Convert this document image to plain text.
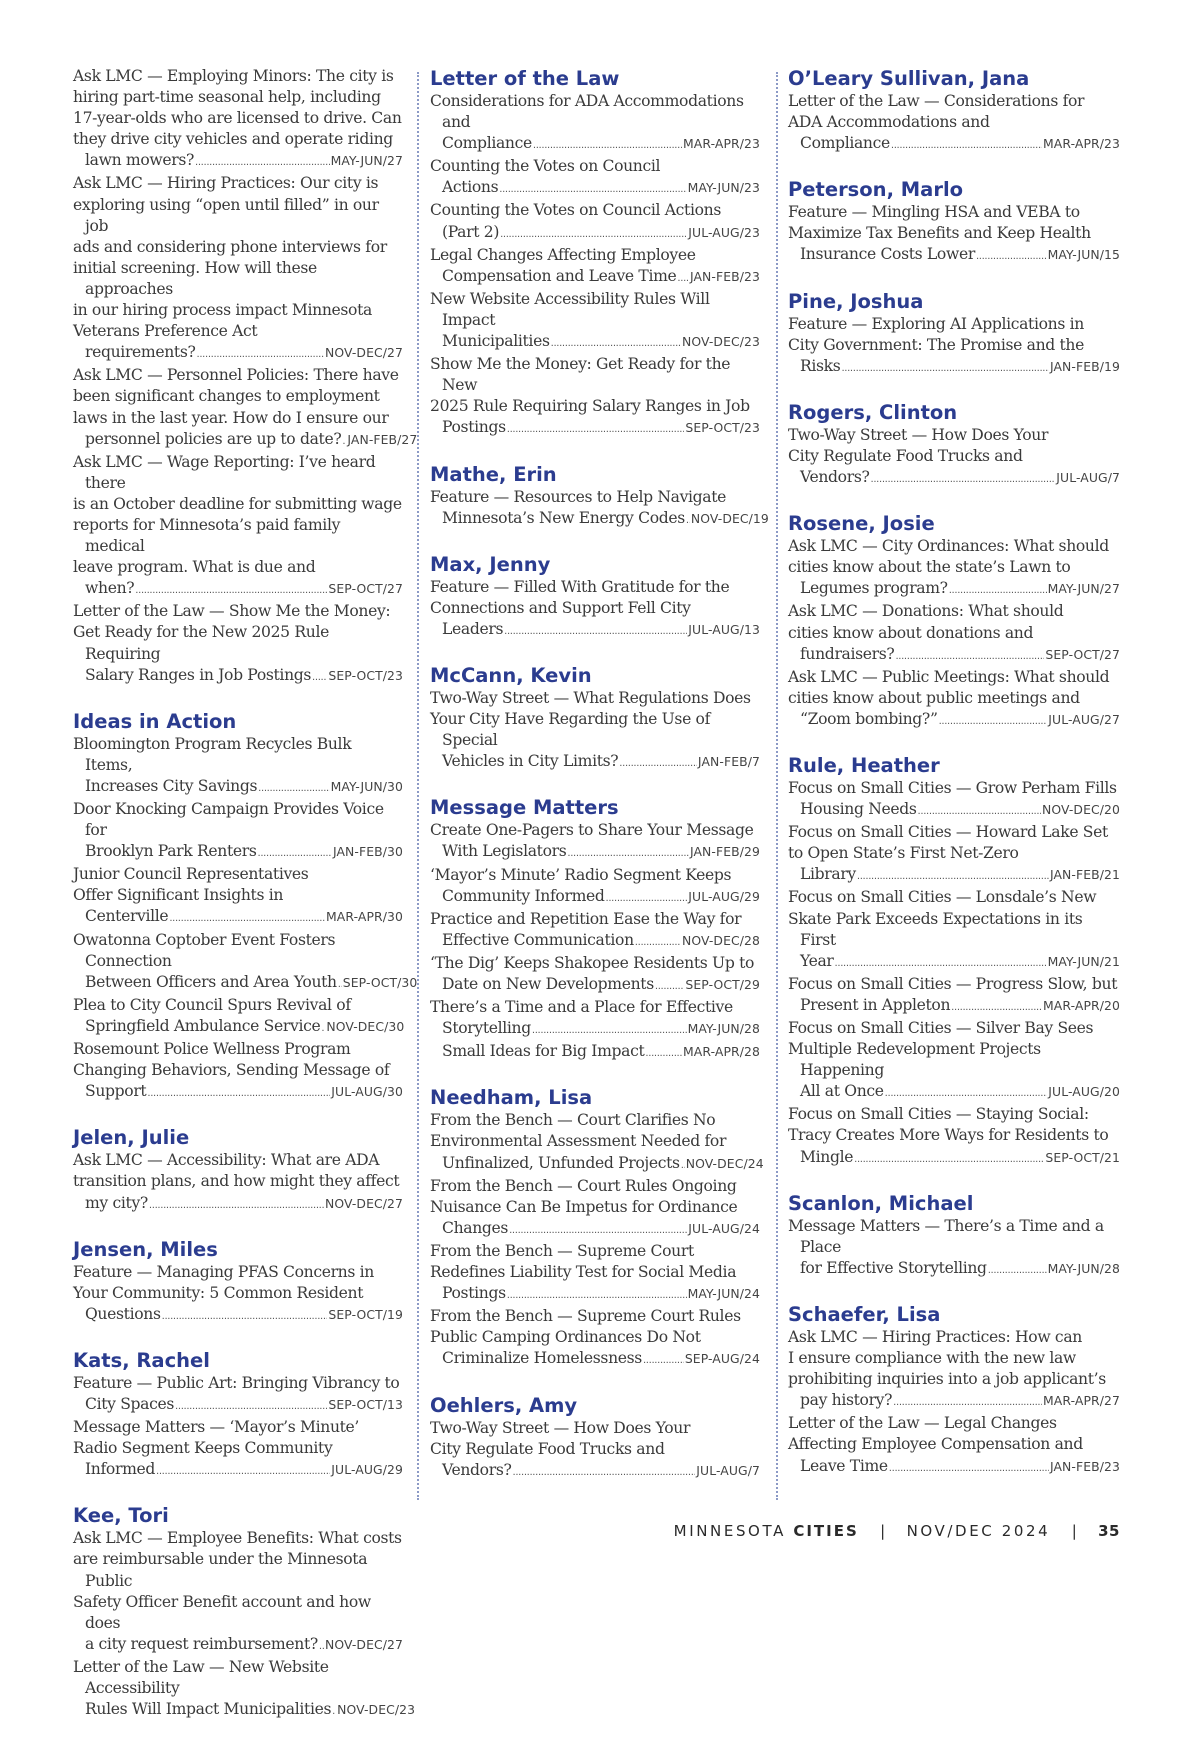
Ask LMC — Employing Minors: The city is
hiring part-time seasonal help, including
17-year-olds who are licensed to drive. Can
they drive city vehicles and operate riding
lawn mowers? .....	MAY-JUN/27
Ask LMC — Hiring Practices: Our city is
exploring using “open until filled” in our job
ads and considering phone interviews for
initial screening. How will these approaches
in our hiring process impact Minnesota
Veterans Preference Act
requirements? .....	NOV-DEC/27
Ask LMC — Personnel Policies: There have
been significant changes to employment
laws in the last year. How do I ensure our
personnel policies are up to date? ..... JAN-FEB/27
Ask LMC — Wage Reporting: I’ve heard there
is an October deadline for submitting wage
reports for Minnesota’s paid family medical
leave program. What is due and
when? .....	SEP-OCT/27
Letter of the Law — Show Me the Money:
Get Ready for the New 2025 Rule Requiring
Salary Ranges in Job Postings ..... SEP-OCT/23
Ideas in Action
Bloomington Program Recycles Bulk Items,
Increases City Savings .....	MAY-JUN/30
Door Knocking Campaign Provides Voice for
Brooklyn Park Renters .....	JAN-FEB/30
Junior Council Representatives
Offer Significant Insights in
Centerville .....	MAR-APR/30
Owatonna Coptober Event Fosters Connection
Between Officers and Area Youth ..... SEP-OCT/30
Plea to City Council Spurs Revival of
Springfield Ambulance Service ..... NOV-DEC/30
Rosemount Police Wellness Program
Changing Behaviors, Sending Message of
Support .....	JUL-AUG/30
Jelen, Julie
Ask LMC — Accessibility: What are ADA
transition plans, and how might they affect
my city? .....	NOV-DEC/27
Jensen, Miles
Feature — Managing PFAS Concerns in
Your Community: 5 Common Resident
Questions .....	SEP-OCT/19
Kats, Rachel
Feature — Public Art: Bringing Vibrancy to
City Spaces .....	SEP-OCT/13
Message Matters — ‘Mayor’s Minute’
Radio Segment Keeps Community
Informed .....	JUL-AUG/29
Kee, Tori
Ask LMC — Employee Benefits: What costs
are reimbursable under the Minnesota Public
Safety Officer Benefit account and how does
a city request reimbursement? ..... NOV-DEC/27
Letter of the Law — New Website Accessibility
Rules Will Impact Municipalities ..... NOV-DEC/23
Letter of the Law
Considerations for ADA Accommodations and
Compliance .....	MAR-APR/23
Counting the Votes on Council
Actions .....	MAY-JUN/23
Counting the Votes on Council Actions
(Part 2) .....	JUL-AUG/23
Legal Changes Affecting Employee
Compensation and Leave Time ..... JAN-FEB/23
New Website Accessibility Rules Will Impact
Municipalities .....	NOV-DEC/23
Show Me the Money: Get Ready for the New
2025 Rule Requiring Salary Ranges in Job
Postings .....	SEP-OCT/23
Mathe, Erin
Feature — Resources to Help Navigate
Minnesota’s New Energy Codes ..... NOV-DEC/19
Max, Jenny
Feature — Filled With Gratitude for the
Connections and Support Fell City
Leaders .....	JUL-AUG/13
McCann, Kevin
Two-Way Street — What Regulations Does
Your City Have Regarding the Use of Special
Vehicles in City Limits? .....	JAN-FEB/7
Message Matters
Create One-Pagers to Share Your Message
With Legislators .....	JAN-FEB/29
‘Mayor’s Minute’ Radio Segment Keeps
Community Informed .....	JUL-AUG/29
Practice and Repetition Ease the Way for
Effective Communication .....	NOV-DEC/28
‘The Dig’ Keeps Shakopee Residents Up to
Date on New Developments .....	SEP-OCT/29
There’s a Time and a Place for Effective
Storytelling .....	MAY-JUN/28
Small Ideas for Big Impact .....	MAR-APR/28
Needham, Lisa
From the Bench — Court Clarifies No
Environmental Assessment Needed for
Unfinalized, Unfunded Projects ..... NOV-DEC/24
From the Bench — Court Rules Ongoing
Nuisance Can Be Impetus for Ordinance
Changes .....	JUL-AUG/24
From the Bench — Supreme Court
Redefines Liability Test for Social Media
Postings .....	MAY-JUN/24
From the Bench — Supreme Court Rules
Public Camping Ordinances Do Not
Criminalize Homelessness .....	SEP-AUG/24
Oehlers, Amy
Two-Way Street — How Does Your
City Regulate Food Trucks and
Vendors? .....	JUL-AUG/7
O’Leary Sullivan, Jana
Letter of the Law — Considerations for
ADA Accommodations and
Compliance .....	MAR-APR/23
Peterson, Marlo
Feature — Mingling HSA and VEBA to
Maximize Tax Benefits and Keep Health
Insurance Costs Lower .....	MAY-JUN/15
Pine, Joshua
Feature — Exploring AI Applications in
City Government: The Promise and the
Risks .....	JAN-FEB/19
Rogers, Clinton
Two-Way Street — How Does Your
City Regulate Food Trucks and
Vendors? .....	JUL-AUG/7
Rosene, Josie
Ask LMC — City Ordinances: What should
cities know about the state’s Lawn to
Legumes program? .....	MAY-JUN/27
Ask LMC — Donations: What should
cities know about donations and
fundraisers? .....	SEP-OCT/27
Ask LMC — Public Meetings: What should
cities know about public meetings and
“Zoom bombing?” .....	JUL-AUG/27
Rule, Heather
Focus on Small Cities — Grow Perham Fills
Housing Needs .....	NOV-DEC/20
Focus on Small Cities — Howard Lake Set
to Open State’s First Net-Zero
Library .....	JAN-FEB/21
Focus on Small Cities — Lonsdale’s New
Skate Park Exceeds Expectations in its First
Year .....	MAY-JUN/21
Focus on Small Cities — Progress Slow, but
Present in Appleton .....	MAR-APR/20
Focus on Small Cities — Silver Bay Sees
Multiple Redevelopment Projects Happening
All at Once .....	JUL-AUG/20
Focus on Small Cities — Staying Social:
Tracy Creates More Ways for Residents to
Mingle .....	SEP-OCT/21
Scanlon, Michael
Message Matters — There’s a Time and a Place
for Effective Storytelling .....	MAY-JUN/28
Schaefer, Lisa
Ask LMC — Hiring Practices: How can
I ensure compliance with the new law
prohibiting inquiries into a job applicant’s
pay history? .....	MAR-APR/27
Letter of the Law — Legal Changes
Affecting Employee Compensation and
Leave Time .....	JAN-FEB/23
MINNESOTA CITIES | NOV/DEC 2024 | 35
